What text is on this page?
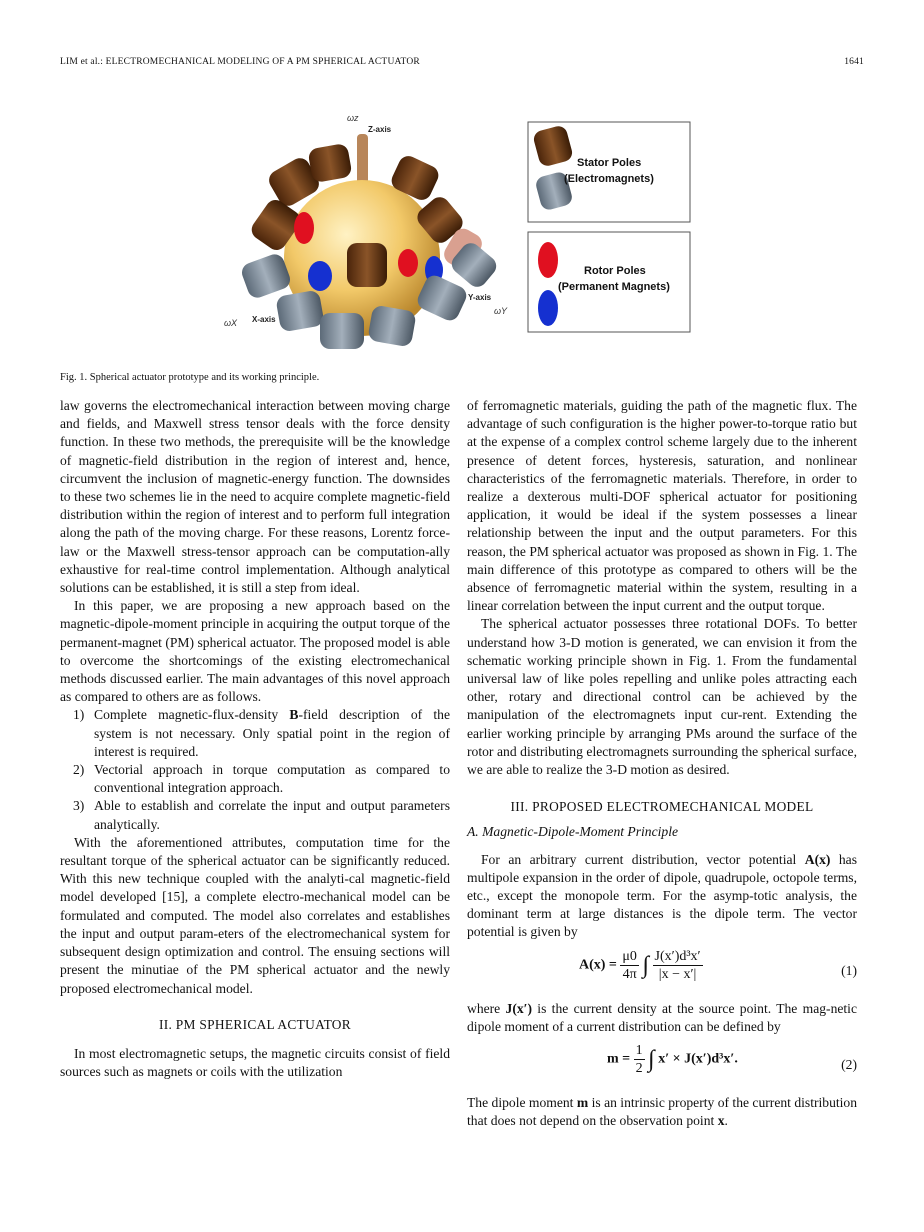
LIM et al.: ELECTROMECHANICAL MODELING OF A PM SPHERICAL ACTUATOR	1641
ωz
Z-axis
Y-axis
ωY
X-axis
ωX
Stator Poles
(Electromagnets)
Rotor Poles
(Permanent Magnets)
Fig. 1. Spherical actuator prototype and its working principle.

law governs the electromechanical interaction between moving charge and fields, and Maxwell stress tensor deals with the force density function. In these two methods, the prerequisite will be the knowledge of magnetic-field distribution in the region of interest and, hence, circumvent the inclusion of magnetic-energy function. The downsides to these two schemes lie in the need to acquire complete magnetic-field distribution within the region of interest and to perform full integration along the path of the moving charge. For these reasons, Lorentz force-law or the Maxwell stress-tensor approach can be computation-ally exhaustive for real-time control implementation. Although analytical solutions can be established, it is still a step from ideal.

In this paper, we are proposing a new approach based on the magnetic-dipole-moment principle in acquiring the output torque of the permanent-magnet (PM) spherical actuator. The proposed model is able to overcome the shortcomings of the existing electromechanical methods discussed earlier. The main advantages of this novel approach as compared to others are as follows.

1) Complete magnetic-flux-density B-field description of the system is not necessary. Only spatial point in the region of interest is required.
2) Vectorial approach in torque computation as compared to conventional integration approach.
3) Able to establish and correlate the input and output parameters analytically.

With the aforementioned attributes, computation time for the resultant torque of the spherical actuator can be significantly reduced. With this new technique coupled with the analyti-cal magnetic-field model developed [15], a complete electro-mechanical model can be formulated and computed. The model also correlates and establishes the input and output param-eters of the electromechanical system for subsequent design optimization and control. The ensuing sections will present the minutiae of the PM spherical actuator and the newly proposed electromechanical model.

II. PM SPHERICAL ACTUATOR

In most electromagnetic setups, the magnetic circuits consist of field sources such as magnets or coils with the utilization

of ferromagnetic materials, guiding the path of the magnetic flux. The advantage of such configuration is the higher power-to-torque ratio but at the expense of a complex control scheme largely due to the inherent presence of detent forces, hysteresis, saturation, and nonlinear characteristics of the ferromagnetic materials. Therefore, in order to realize a dexterous multi-DOF spherical actuator for positioning application, it would be ideal if the system possesses a linear relationship between the input and the output parameters. For this reason, the PM spherical actuator was proposed as shown in Fig. 1. The main difference of this prototype as compared to others will be the absence of ferromagnetic material within the system, resulting in a linear correlation between the input current and the output torque.

The spherical actuator possesses three rotational DOFs. To better understand how 3-D motion is generated, we can envision it from the schematic working principle shown in Fig. 1. From the fundamental universal law of like poles repelling and unlike poles attracting each other, rotary and directional control can be achieved by the manipulation of the electromagnets input cur-rent. Extending the earlier working principle by arranging PMs around the surface of the rotor and distributing electromagnets surrounding the spherical surface, we are able to realize the 3-D motion as desired.

III. PROPOSED ELECTROMECHANICAL MODEL
A. Magnetic-Dipole-Moment Principle

For an arbitrary current distribution, vector potential A(x) has multipole expansion in the order of dipole, quadrupole, octopole terms, etc., except the monopole term. For the asymp-totic analysis, the dominant term at large distances is the dipole term. The vector potential is given by

$A(x) = \frac{\mu 0}{4\pi}$ ∫ $\frac{\text{J(x′)d³x′}}{|x - x'|}$	(1)

where J(x′) is the current density at the source point. The mag-netic dipole moment of a current distribution can be defined by

$m = \frac{1}{2}$ ∫ x′ × J(x′)d³x′.	(2)

The dipole moment m is an intrinsic property of the current distribution that does not depend on the observation point x.
